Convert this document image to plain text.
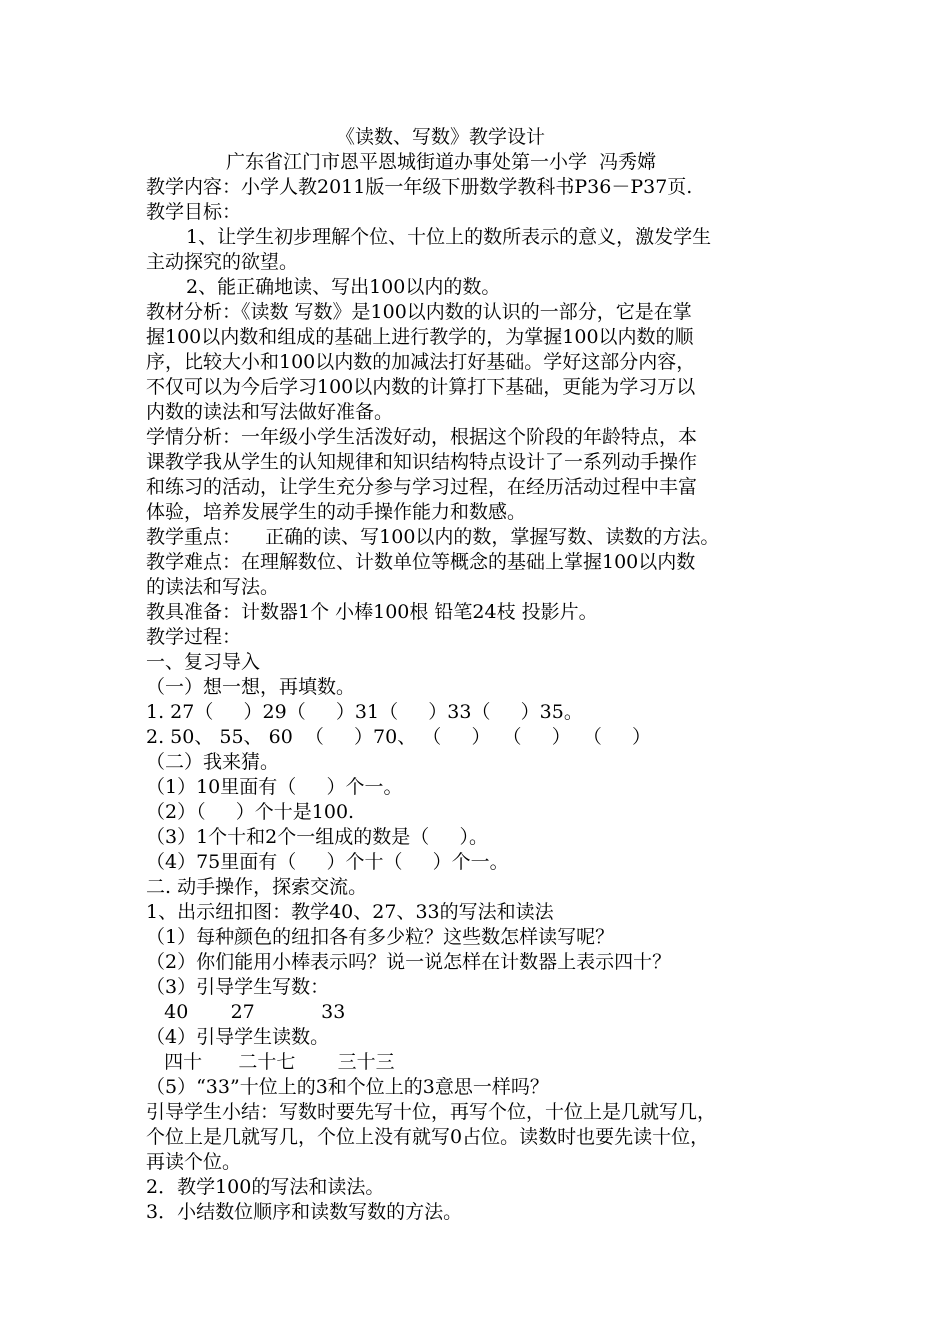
《读数、写数》教学设计
广东省江门市恩平恩城街道办事处第一小学  冯秀嫦
教学内容：小学人教2011版一年级下册数学教科书P36－P37页.
教学目标：
1、让学生初步理解个位、十位上的数所表示的意义，激发学生
主动探究的欲望。
2、能正确地读、写出100以内的数。
教材分析：《读数 写数》是100以内数的认识的一部分，它是在掌
握100以内数和组成的基础上进行教学的，为掌握100以内数的顺
序，比较大小和100以内数的加减法打好基础。学好这部分内容，
不仅可以为今后学习100以内数的计算打下基础，更能为学习万以
内数的读法和写法做好准备。
学情分析：一年级小学生活泼好动，根据这个阶段的年龄特点，本
课教学我从学生的认知规律和知识结构特点设计了一系列动手操作
和练习的活动，让学生充分参与学习过程，在经历活动过程中丰富
体验，培养发展学生的动手操作能力和数感。
教学重点：    正确的读、写100以内的数，掌握写数、读数的方法。
教学难点：在理解数位、计数单位等概念的基础上掌握100以内数
的读法和写法。
教具准备：计数器1个 小棒100根 铅笔24枝 投影片。
教学过程：
一、复习导入
（一）想一想，再填数。
1. 27（     ）29（     ）31（     ）33（     ）35。
2. 50、 55、 60  （     ）70、 （     ）  （     ）  （     ）
（二）我来猜。
（1）10里面有（     ）个一。
（2）（     ）个十是100.
（3）1个十和2个一组成的数是（     ）。
（4）75里面有（     ）个十（     ）个一。
二. 动手操作，探索交流。
1、出示纽扣图：教学40、27、33的写法和读法
（1）每种颜色的纽扣各有多少粒？这些数怎样读写呢？
（2）你们能用小棒表示吗？说一说怎样在计数器上表示四十？
（3）引导学生写数：
40       27           33
（4）引导学生读数。
四十      二十七       三十三
（5）“33”十位上的3和个位上的3意思一样吗？
引导学生小结：写数时要先写十位，再写个位，十位上是几就写几，
个位上是几就写几，个位上没有就写0占位。读数时也要先读十位，
再读个位。
2．教学100的写法和读法。
3．小结数位顺序和读数写数的方法。
